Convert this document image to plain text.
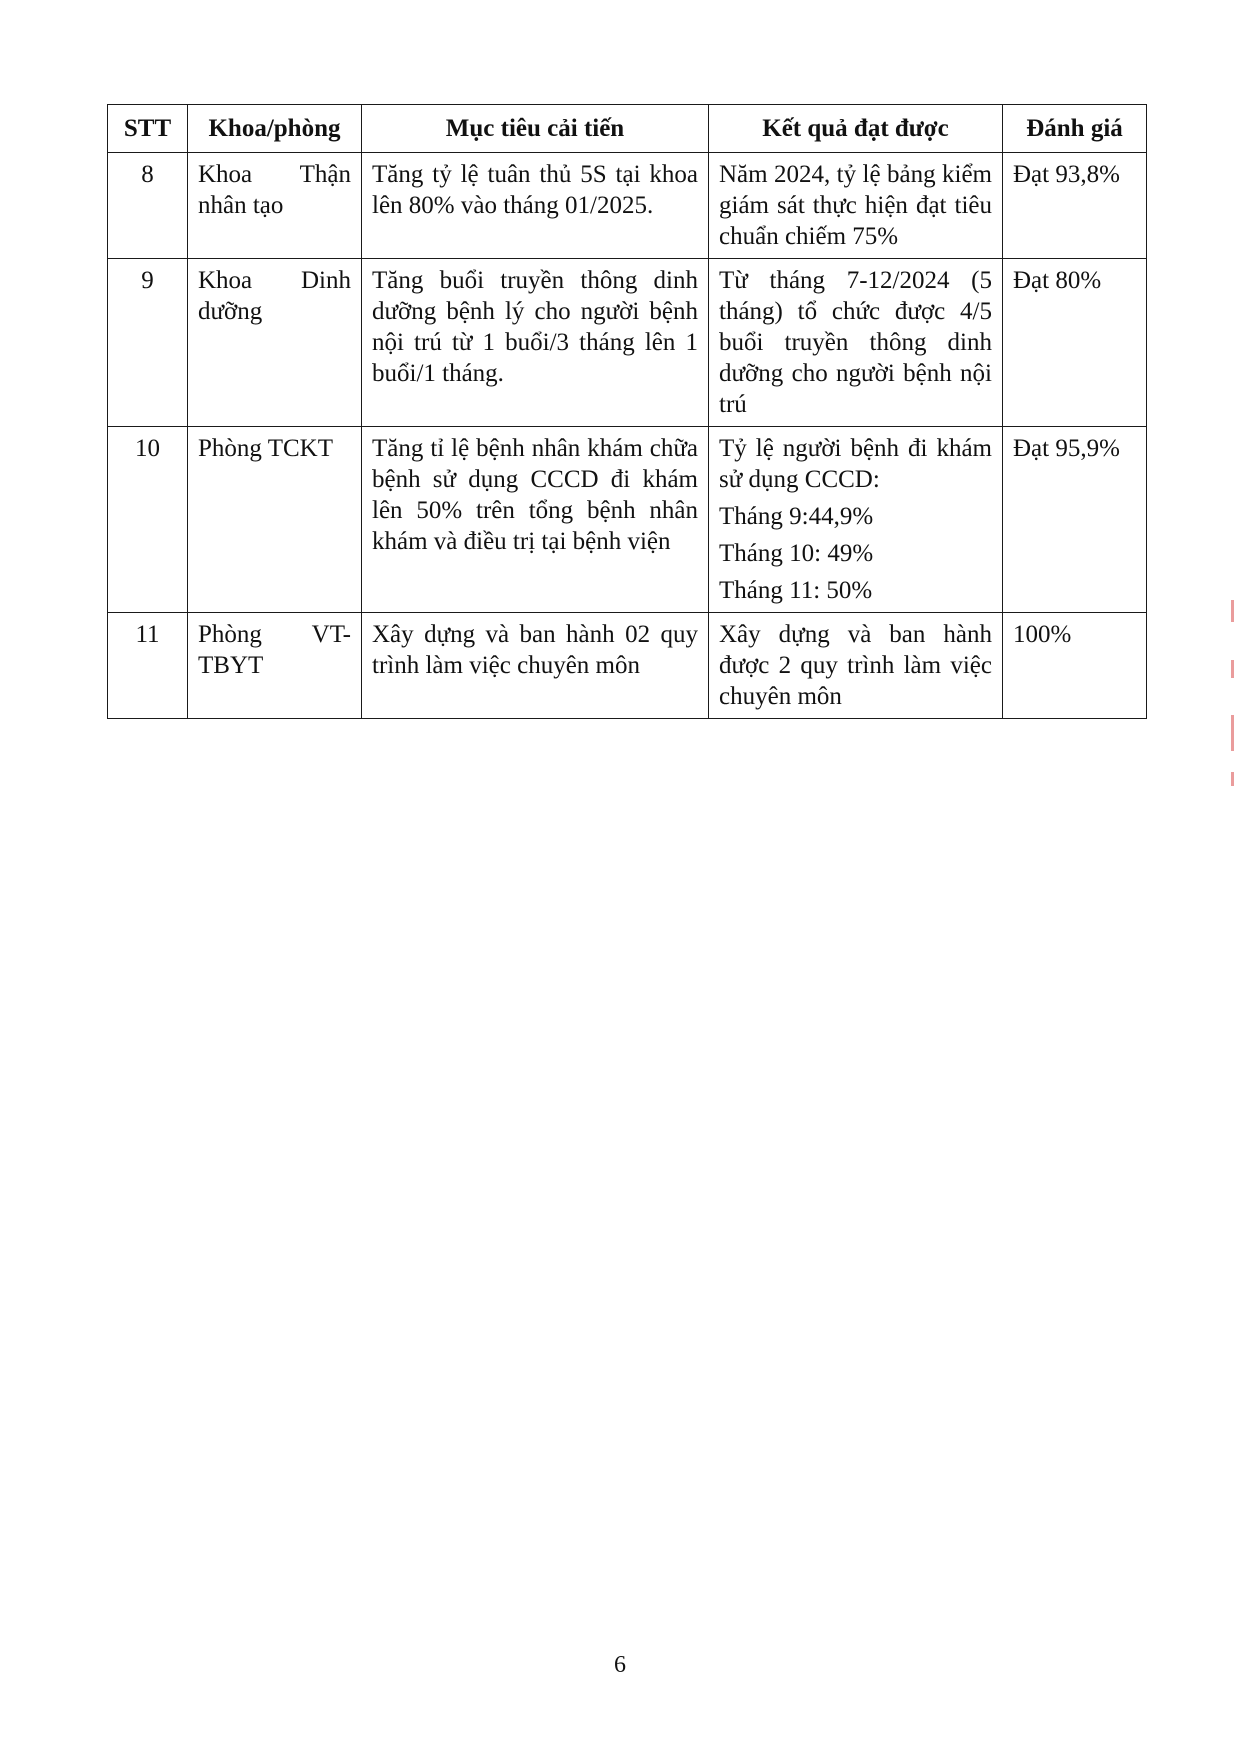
STT	Khoa/phòng	Mục tiêu cải tiến	Kết quả đạt được	Đánh giá
8	Khoa Thận nhân tạo	Tăng tỷ lệ tuân thủ 5S tại khoa lên 80% vào tháng 01/2025.	Năm 2024, tỷ lệ bảng kiểm giám sát thực hiện đạt tiêu chuẩn chiếm 75%	Đạt 93,8%
9	Khoa Dinh dưỡng	Tăng buổi truyền thông dinh dưỡng bệnh lý cho người bệnh nội trú từ 1 buổi/3 tháng lên 1 buổi/1 tháng.	Từ tháng 7-12/2024 (5 tháng) tổ chức được 4/5 buổi truyền thông dinh dưỡng cho người bệnh nội trú	Đạt 80%
10	Phòng TCKT	Tăng tỉ lệ bệnh nhân khám chữa bệnh sử dụng CCCD đi khám lên 50% trên tổng bệnh nhân khám và điều trị tại bệnh viện	Tỷ lệ người bệnh đi khám sử dụng CCCD:
Tháng 9:44,9%
Tháng 10: 49%
Tháng 11: 50%	Đạt 95,9%
11	Phòng VT-TBYT	Xây dựng và ban hành 02 quy trình làm việc chuyên môn	Xây dựng và ban hành được 2 quy trình làm việc chuyên môn	100%
6
